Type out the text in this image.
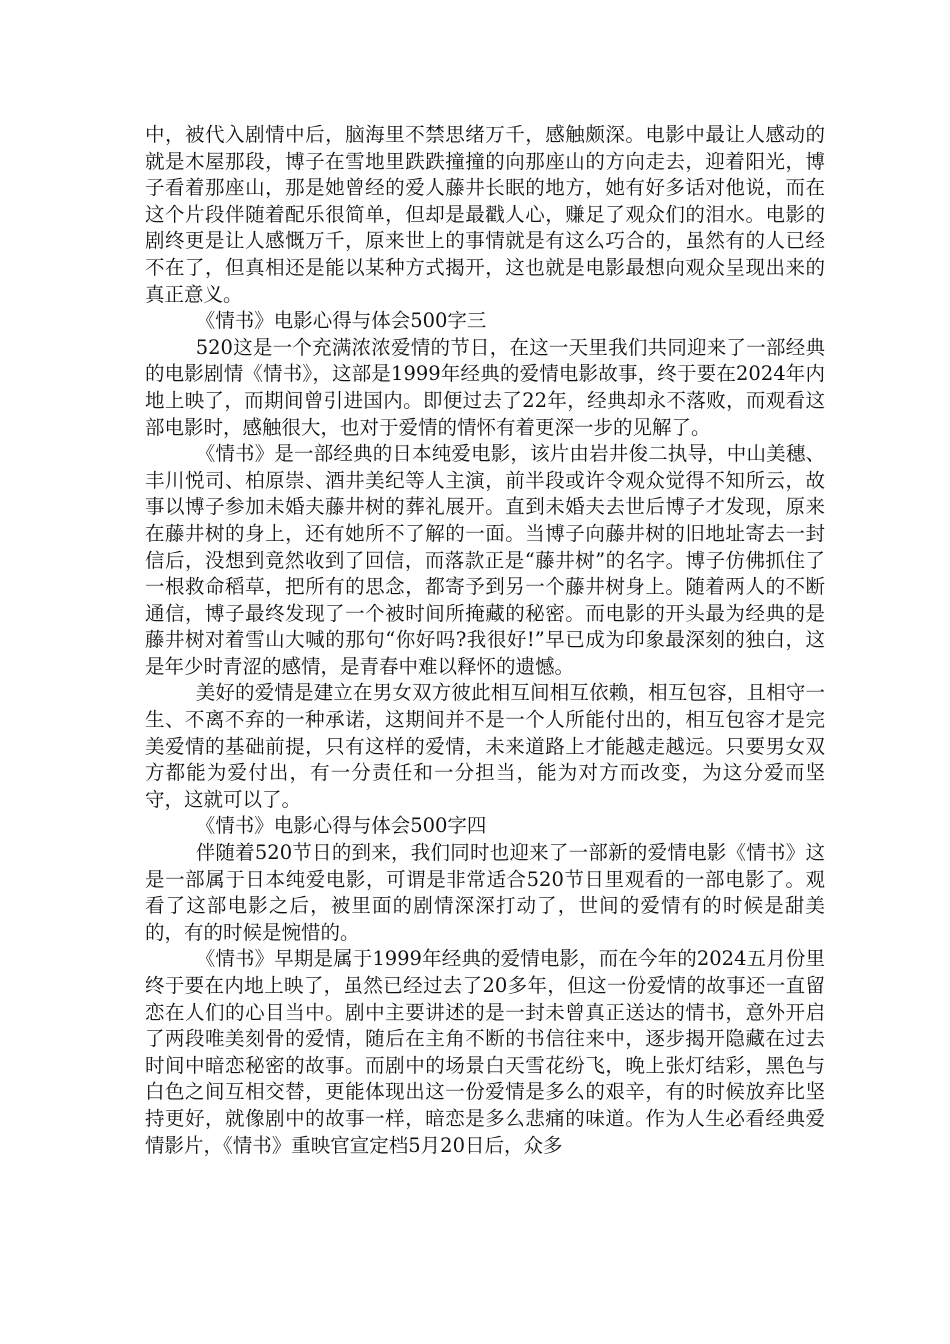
中，被代入剧情中后，脑海里不禁思绪万千，感触颇深。电影中最让人感动的就是木屋那段，博子在雪地里跌跌撞撞的向那座山的方向走去，迎着阳光，博子看着那座山，那是她曾经的爱人藤井长眠的地方，她有好多话对他说，而在这个片段伴随着配乐很简单，但却是最戳人心，赚足了观众们的泪水。电影的剧终更是让人感慨万千，原来世上的事情就是有这么巧合的，虽然有的人已经不在了，但真相还是能以某种方式揭开，这也就是电影最想向观众呈现出来的真正意义。

《情书》电影心得与体会500字三

520这是一个充满浓浓爱情的节日，在这一天里我们共同迎来了一部经典的电影剧情《情书》，这部是1999年经典的爱情电影故事，终于要在2024年内地上映了，而期间曾引进国内。即便过去了22年，经典却永不落败，而观看这部电影时，感触很大，也对于爱情的情怀有着更深一步的见解了。

《情书》是一部经典的日本纯爱电影，该片由岩井俊二执导，中山美穗、丰川悦司、柏原崇、酒井美纪等人主演，前半段或许令观众觉得不知所云，故事以博子参加未婚夫藤井树的葬礼展开。直到未婚夫去世后博子才发现，原来在藤井树的身上，还有她所不了解的一面。当博子向藤井树的旧地址寄去一封信后，没想到竟然收到了回信，而落款正是“藤井树”的名字。博子仿佛抓住了一根救命稻草，把所有的思念，都寄予到另一个藤井树身上。随着两人的不断通信，博子最终发现了一个被时间所掩藏的秘密。而电影的开头最为经典的是藤井树对着雪山大喊的那句“你好吗?我很好!”早已成为印象最深刻的独白，这是年少时青涩的感情，是青春中难以释怀的遗憾。

美好的爱情是建立在男女双方彼此相互间相互依赖，相互包容，且相守一生、不离不弃的一种承诺，这期间并不是一个人所能付出的，相互包容才是完美爱情的基础前提，只有这样的爱情，未来道路上才能越走越远。只要男女双方都能为爱付出，有一分责任和一分担当，能为对方而改变，为这分爱而坚守，这就可以了。

《情书》电影心得与体会500字四

伴随着520节日的到来，我们同时也迎来了一部新的爱情电影《情书》这是一部属于日本纯爱电影，可谓是非常适合520节日里观看的一部电影了。观看了这部电影之后，被里面的剧情深深打动了，世间的爱情有的时候是甜美的，有的时候是惋惜的。

《情书》早期是属于1999年经典的爱情电影，而在今年的2024五月份里终于要在内地上映了，虽然已经过去了20多年，但这一份爱情的故事还一直留恋在人们的心目当中。剧中主要讲述的是一封未曾真正送达的情书，意外开启了两段唯美刻骨的爱情，随后在主角不断的书信往来中，逐步揭开隐藏在过去时间中暗恋秘密的故事。而剧中的场景白天雪花纷飞，晚上张灯结彩，黑色与白色之间互相交替，更能体现出这一份爱情是多么的艰辛，有的时候放弃比坚持更好，就像剧中的故事一样，暗恋是多么悲痛的味道。作为人生必看经典爱情影片，《情书》重映官宣定档5月20日后，众多
